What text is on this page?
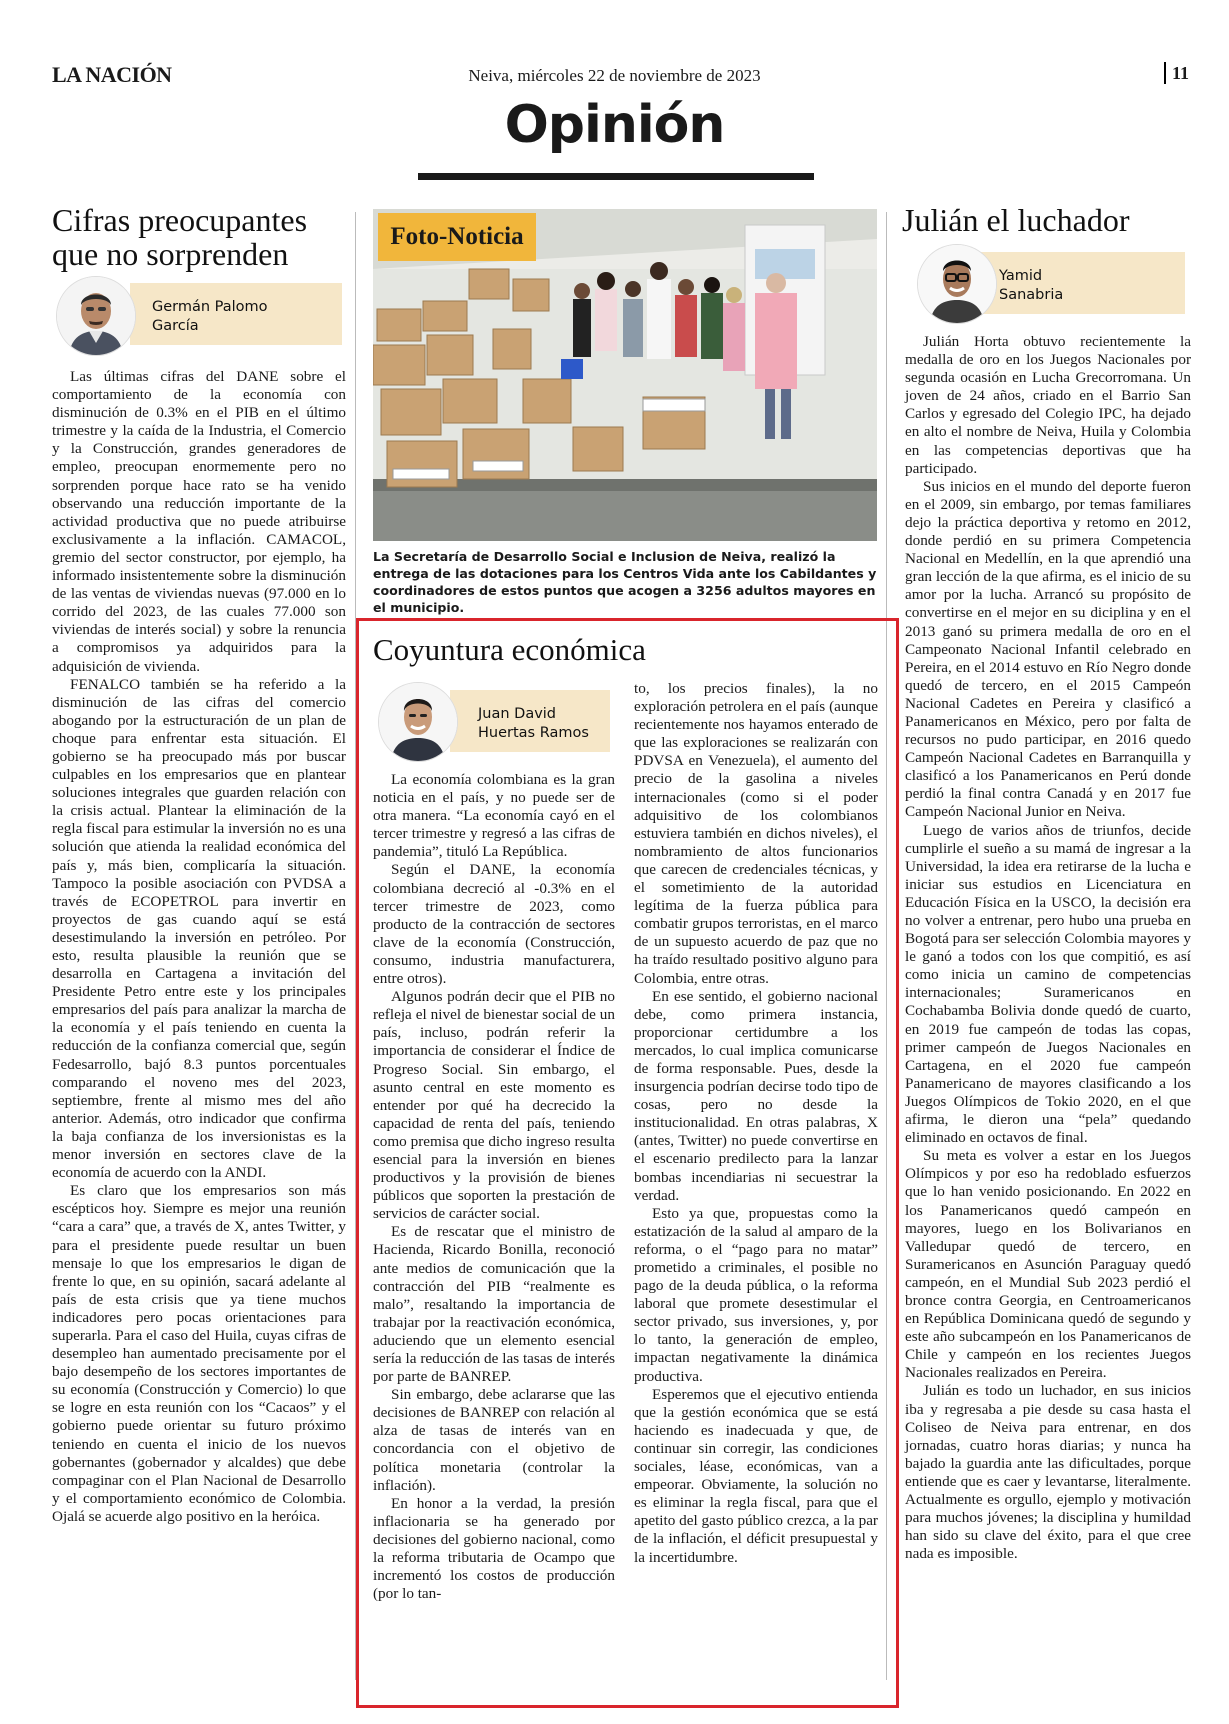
LA NACIÓN	Neiva, miércoles 22 de noviembre de 2023	11
Opinión
Cifras preocupantes
que no sorprenden
Germán Palomo
García

Las últimas cifras del DANE sobre el comportamiento de la economía con disminución de 0.3% en el PIB en el último trimestre y la caída de la Industria, el Comercio y la Construcción, grandes generadores de empleo, preocupan enormemente pero no sorprenden porque hace rato se ha venido observando una reducción importante de la actividad productiva que no puede atribuirse exclusivamente a la inflación. CAMACOL, gremio del sector constructor, por ejemplo, ha informado insistentemente sobre la disminución de las ventas de viviendas nuevas (97.000 en lo corrido del 2023, de las cuales 77.000 son viviendas de interés social) y sobre la renuncia a compromisos ya adquiridos para la adquisición de vivienda.

FENALCO también se ha referido a la disminución de las cifras del comercio abogando por la estructuración de un plan de choque para enfrentar esta situación. El gobierno se ha preocupado más por buscar culpables en los empresarios que en plantear soluciones integrales que guarden relación con la crisis actual. Plantear la eliminación de la regla fiscal para estimular la inversión no es una solución que atienda la realidad económica del país y, más bien, complicaría la situación. Tampoco la posible asociación con PVDSA a través de ECOPETROL para invertir en proyectos de gas cuando aquí se está desestimulando la inversión en petróleo. Por esto, resulta plausible la reunión que se desarrolla en Cartagena a invitación del Presidente Petro entre este y los principales empresarios del país para analizar la marcha de la economía y el país teniendo en cuenta la reducción de la confianza comercial que, según Fedesarrollo, bajó 8.3 puntos porcentuales comparando el noveno mes del 2023, septiembre, frente al mismo mes del año anterior. Además, otro indicador que confirma la baja confianza de los inversionistas es la menor inversión en sectores clave de la economía de acuerdo con la ANDI.

Es claro que los empresarios son más escépticos hoy. Siempre es mejor una reunión “cara a cara” que, a través de X, antes Twitter, y para el presidente puede resultar un buen mensaje lo que los empresarios le digan de frente lo que, en su opinión, sacará adelante al país de esta crisis que ya tiene muchos indicadores pero pocas orientaciones para superarla. Para el caso del Huila, cuyas cifras de desempleo han aumentado precisamente por el bajo desempeño de los sectores importantes de su economía (Construcción y Comercio) lo que se logre en esta reunión con los “Cacaos” y el gobierno puede orientar su futuro próximo teniendo en cuenta el inicio de los nuevos gobernantes (gobernador y alcaldes) que debe compaginar con el Plan Nacional de Desarrollo y el comportamiento económico de Colombia. Ojalá se acuerde algo positivo en la heróica.

Foto-Noticia
La Secretaría de Desarrollo Social e Inclusion de Neiva, realizó la entrega de las dotaciones para los Centros Vida ante los Cabildantes y coordinadores de estos puntos que acogen a 3256 adultos mayores en el municipio.
Coyuntura económica
Juan David
Huertas Ramos

La economía colombiana es la gran noticia en el país, y no puede ser de otra manera. “La economía cayó en el tercer trimestre y regresó a las cifras de pandemia”, tituló La República.

Según el DANE, la economía colombiana decreció al -0.3% en el tercer trimestre de 2023, como producto de la contracción de sectores clave de la economía (Construcción, consumo, industria manufacturera, entre otros).

Algunos podrán decir que el PIB no refleja el nivel de bienestar social de un país, incluso, podrán referir la importancia de considerar el Índice de Progreso Social. Sin embargo, el asunto central en este momento es entender por qué ha decrecido la capacidad de renta del país, teniendo como premisa que dicho ingreso resulta esencial para la inversión en bienes productivos y la provisión de bienes públicos que soporten la prestación de servicios de carácter social.

Es de rescatar que el ministro de Hacienda, Ricardo Bonilla, reconoció ante medios de comunicación que la contracción del PIB “realmente es malo”, resaltando la importancia de trabajar por la reactivación económica, aduciendo que un elemento esencial sería la reducción de las tasas de interés por parte de BANREP.

Sin embargo, debe aclararse que las decisiones de BANREP con relación al alza de tasas de interés van en concordancia con el objetivo de política monetaria (controlar la inflación).

En honor a la verdad, la presión inflacionaria se ha generado por decisiones del gobierno nacional, como la reforma tributaria de Ocampo que incrementó los costos de producción (por lo tan-

to, los precios finales), la no exploración petrolera en el país (aunque recientemente nos hayamos enterado de que las exploraciones se realizarán con PDVSA en Venezuela), el aumento del precio de la gasolina a niveles internacionales (como si el poder adquisitivo de los colombianos estuviera también en dichos niveles), el nombramiento de altos funcionarios que carecen de credenciales técnicas, y el sometimiento de la autoridad legítima de la fuerza pública para combatir grupos terroristas, en el marco de un supuesto acuerdo de paz que no ha traído resultado positivo alguno para Colombia, entre otras.

En ese sentido, el gobierno nacional debe, como primera instancia, proporcionar certidumbre a los mercados, lo cual implica comunicarse de forma responsable. Pues, desde la insurgencia podrían decirse todo tipo de cosas, pero no desde la institucionalidad. En otras palabras, X (antes, Twitter) no puede convertirse en el escenario predilecto para la lanzar bombas incendiarias ni secuestrar la verdad.

Esto ya que, propuestas como la estatización de la salud al amparo de la reforma, o el “pago para no matar” prometido a criminales, el posible no pago de la deuda pública, o la reforma laboral que promete desestimular el sector privado, sus inversiones, y, por lo tanto, la generación de empleo, impactan negativamente la dinámica productiva.

Esperemos que el ejecutivo entienda que la gestión económica que se está haciendo es inadecuada y que, de continuar sin corregir, las condiciones sociales, léase, económicas, van a empeorar. Obviamente, la solución no es eliminar la regla fiscal, para que el apetito del gasto público crezca, a la par de la inflación, el déficit presupuestal y la incertidumbre.

Julián el luchador
Yamid
Sanabria

Julián Horta obtuvo recientemente la medalla de oro en los Juegos Nacionales por segunda ocasión en Lucha Grecorromana. Un joven de 24 años, criado en el Barrio San Carlos y egresado del Colegio IPC, ha dejado en alto el nombre de Neiva, Huila y Colombia en las competencias deportivas que ha participado.

Sus inicios en el mundo del deporte fueron en el 2009, sin embargo, por temas familiares dejo la práctica deportiva y retomo en 2012, donde perdió en su primera Competencia Nacional en Medellín, en la que aprendió una gran lección de la que afirma, es el inicio de su amor por la lucha. Arrancó su propósito de convertirse en el mejor en su diciplina y en el 2013 ganó su primera medalla de oro en el Campeonato Nacional Infantil celebrado en Pereira, en el 2014 estuvo en Río Negro donde quedó de tercero, en el 2015 Campeón Nacional Cadetes en Pereira y clasificó a Panamericanos en México, pero por falta de recursos no pudo participar, en 2016 quedo Campeón Nacional Cadetes en Barranquilla y clasificó a los Panamericanos en Perú donde perdió la final contra Canadá y en 2017 fue Campeón Nacional Junior en Neiva.

Luego de varios años de triunfos, decide cumplirle el sueño a su mamá de ingresar a la Universidad, la idea era retirarse de la lucha e iniciar sus estudios en Licenciatura en Educación Física en la USCO, la decisión era no volver a entrenar, pero hubo una prueba en Bogotá para ser selección Colombia mayores y le ganó a todos con los que compitió, es así como inicia un camino de competencias internacionales; Suramericanos en Cochabamba Bolivia donde quedó de cuarto, en 2019 fue campeón de todas las copas, primer campeón de Juegos Nacionales en Cartagena, en el 2020 fue campeón Panamericano de mayores clasificando a los Juegos Olímpicos de Tokio 2020, en el que afirma, le dieron una “pela” quedando eliminado en octavos de final.

Su meta es volver a estar en los Juegos Olímpicos y por eso ha redoblado esfuerzos que lo han venido posicionando. En 2022 en los Panamericanos quedó campeón en mayores, luego en los Bolivarianos en Valledupar quedó de tercero, en Suramericanos en Asunción Paraguay quedó campeón, en el Mundial Sub 2023 perdió el bronce contra Georgia, en Centroamericanos en República Dominicana quedó de segundo y este año subcampeón en los Panamericanos de Chile y campeón en los recientes Juegos Nacionales realizados en Pereira.

Julián es todo un luchador, en sus inicios iba y regresaba a pie desde su casa hasta el Coliseo de Neiva para entrenar, en dos jornadas, cuatro horas diarias; y nunca ha bajado la guardia ante las dificultades, porque entiende que es caer y levantarse, literalmente. Actualmente es orgullo, ejemplo y motivación para muchos jóvenes; la disciplina y humildad han sido su clave del éxito, para el que cree nada es imposible.
